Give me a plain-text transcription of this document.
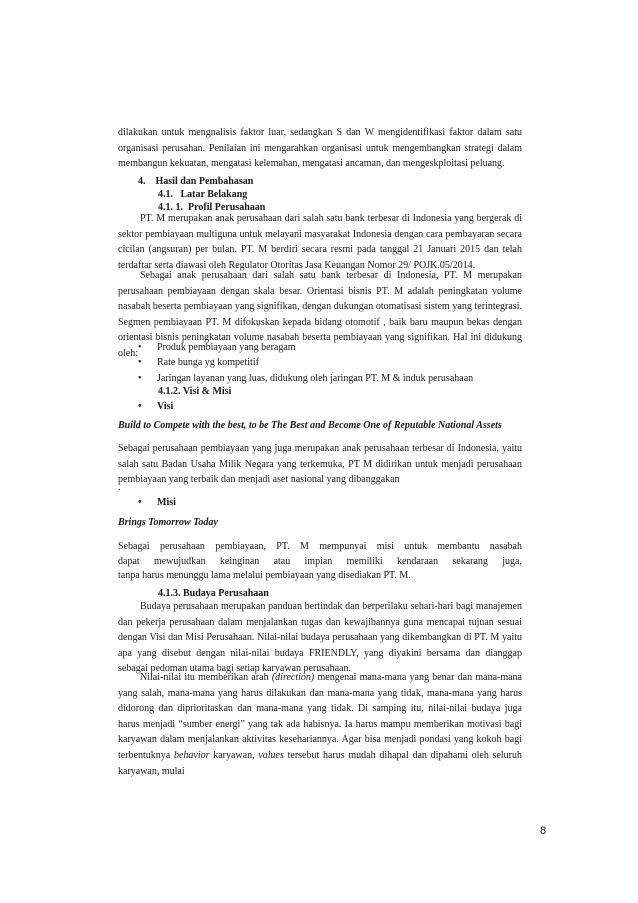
dilakukan untuk mengnalisis faktor luar, sedangkan S dan W mengidentifikasi faktor dalam satu organisasi perusahan. Penilaian ini mengarahkan organisasi untuk mengembangkan strategi dalam membangun kekuatan, mengatasi kelemahan, mengatasi ancaman, dan mengeskploitasi peluang.

4.    Hasil dan Pembahasan
4.1.   Latar Belakang
4.1. 1.  Profil Perusahaan

PT. M merupakan anak perusahaan dari salah satu bank terbesar di Indonesia yang bergerak di sektor pembiayaan multiguna untuk melayani masyarakat Indonesia dengan cara pembayaran secara cicilan (angsuran) per bulan. PT. M berdiri secara resmi pada tanggal 21 Januari 2015 dan telah terdaftar serta diawasi oleh Regulator Otoritas Jasa Keuangan Nomor 29/ POJK.05/2014.

Sebagai anak perusahaan dari salah satu bank terbesar di Indonesia, PT. M merupakan perusahaan pembiayaan dengan skala besar. Orientasi bisnis PT. M adalah peningkatan volume nasabah beserta pembiayaan yang signifikan, dengan dukungan otomatisasi sistem yang terintegrasi. Segmen pembiayaan PT. M difokuskan kepada bidang otomotif , baik baru maupun bekas dengan orientasi bisnis peningkatan volume nasabah beserta pembiayaan yang signifikan. Hal ini didukung oleh:

• Produk pembiayaan yang beragam
• Rate bunga yg kompetitif
• Jaringan layanan yang luas, didukung oleh jaringan PT. M & induk perusahaan
4.1.2. Visi & Misi
• Visi
Build to Compete with the best, to be The Best and Become One of Reputable National Assets

Sebagai perusahaan pembiayaan yang juga merupakan anak perusahaan terbesar di Indonesia, yaitu salah satu Badan Usaha Milik Negara yang terkemuka, PT M didirikan untuk menjadi perusahaan pembiayaan yang terbaik dan menjadi aset nasional yang dibanggakan

.
• Misi
Brings Tomorrow Today
Sebagai perusahaan pembiayaan, PT. M mempunyai misi untuk membantu nasabah
dapat mewujudkan keinginan atau impian memiliki kendaraan sekarang juga,
tanpa harus menunggu lama melalui pembiayaan yang disediakan PT. M.
4.1.3. Budaya Perusahaan

Budaya perusahaan merupakan panduan bertindak dan berperilaku sehari-hari bagi manajemen dan pekerja perusahaan dalam menjalankan tugas dan kewajibannya guna mencapai tujuan sesuai dengan Visi dan Misi Perusahaan. Nilai-nilai budaya perusahaan yang dikembangkan di PT. M yaitu apa yang disebut dengan nilai-nilai budaya FRIENDLY, yang diyakini bersama dan dianggap sebagai pedoman utama bagi setiap karyawan perusahaan.

Nilai-nilai itu memberikan arah (direction) mengenai mana-mana yang benar dan mana-mana yang salah, mana-mana yang harus dilakukan dan mana-mana yang tidak, mana-mana yang harus didorong dan diprioritaskan dan mana-mana yang tidak. Di samping itu, nilai-nilai budaya juga harus menjadi “sumber energi” yang tak ada habisnya. Ia harus mampu memberikan motivasi bagi karyawan dalam menjalankan aktivitas kesehariannya. Agar bisa menjadi pondasi yang kokoh bagi terbentuknya behavior karyawan, values tersebut harus mudah dihapal dan dipahami oleh seluruh karyawan, mulai

8
